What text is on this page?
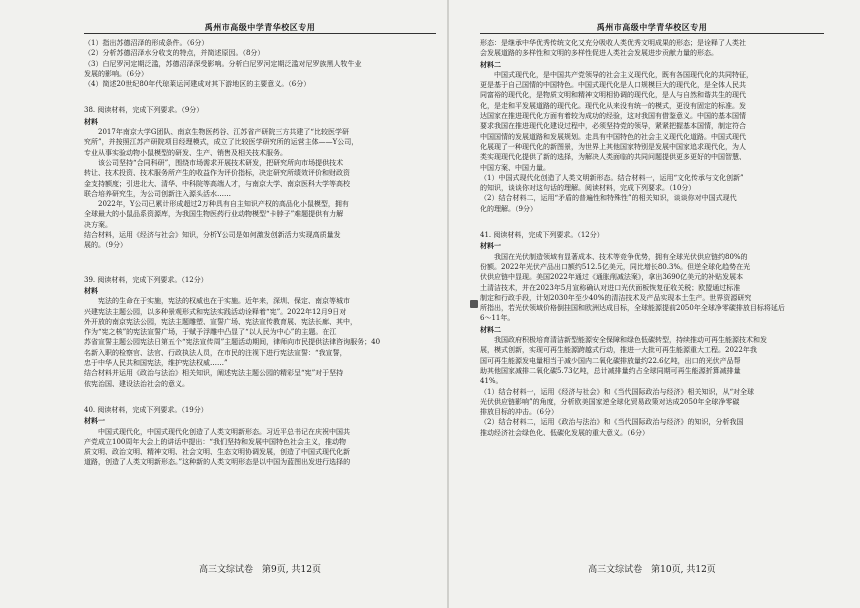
禹州市高级中学青华校区专用

（1）指出苏德沼泽的形成条件。（6分）

（2）分析苏德沼泽水分收支的特点，并简述原因。（8分）

（3）白尼罗河定期泛滥，苏德沼泽深受影响。分析白尼罗河定期泛滥对尼罗族黑人牧牛业

发展的影响。（6分）

（4）简述20世纪80年代琼莱运河建成对其下游地区的主要意义。（6分）

38. 阅读材料，完成下列要求。（9分）

材料

2017年南京大学G团队、南京生物医药谷、江苏省产研院三方共建了“比较医学研

究所”，并按照江苏产研院项目经理模式，成立了比较医学研究所的运营主体——Y公司，

专业从事实验动物小鼠模型的研发、生产、销售及相关技术服务。

该公司坚持“合同科研”，围绕市场需求开展技术研发，把研究所向市场提供技术

转让、技术投资、技术服务所产生的收益作为评价指标，决定研究所绩效评价和财政资

金支持额度；引进北大、清华、中科院等高端人才，与南京大学、南京医科大学等高校

联合培养研究生，为公司创新注入源头活水……

2022年，Y公司已累计形成超过2万种具有自主知识产权的高品化小鼠模型，拥有

全球最大的小鼠品系资源库，为我国生物医药行业动物模型“卡脖子”难题提供有力解

决方案。

结合材料，运用《经济与社会》知识，分析Y公司是如何激发创新活力实现高质量发

展的。（9分）

39. 阅读材料，完成下列要求。（12分）

材料

宪法的生命在于实施，宪法的权威也在于实施。近年来，深圳、保定、南京等城市

兴建宪法主题公园，以多种景观形式和宪法实践活动诠释着“宪”。2022年12月9日对

外开放的南京宪法公园，宪法主题雕塑、宣誓广场、宪法宣传教育展、宪法长廊、其中，

作为“宪之核”的宪法宣誓广场，于赋予浮雕中凸显了“以人民为中心”的主题。在江

苏省宣誓主题公园宪法日第五个“宪法宣传周”主题活动期间，律师向市民提供法律咨询服务；40

名新入职的检察官、法官、行政执法人员，在市民的注视下进行宪法宣誓：“我宣誓，

忠于中华人民共和国宪法，维护宪法权威……”

结合材料并运用《政治与法治》相关知识，阐述宪法主题公园的精彩呈“宪”对于坚持

依宪治国、建设法治社会的意义。

40. 阅读材料，完成下列要求。（19分）

材料一

中国式现代化，中国式现代化创造了人类文明新形态。习近平总书记在庆祝中国共

产党成立100周年大会上的讲话中提出：“我们坚持和发展中国特色社会主义，推动物

质文明、政治文明、精神文明、社会文明、生态文明协调发展，创造了中国式现代化新

道路，创造了人类文明新形态。”这种新的人类文明形态是以中国为蓝图出发进行选择的

高三文综试卷　第9页, 共12页
禹州市高级中学青华校区专用

形态：是继承中华优秀传统文化又充分吸收人类优秀文明成果的形态；是诠释了人类社

会发展道路的多样性和文明的多样性促进人类社会发展进步贡献力量的形态。

材料二

中国式现代化，是中国共产党领导的社会主义现代化，既有各国现代化的共同特征，

更是基于自己国情的中国特色。中国式现代化是人口规模巨大的现代化，是全体人民共

同富裕的现代化，是物质文明和精神文明相协调的现代化，是人与自然和谐共生的现代

化，是走和平发展道路的现代化。现代化从来没有统一的模式，更没有固定的标准。发

达国家在推进现代化方面有着较为成功的经验，这对我国有借鉴意义。中国的基本国情

要求我国在推进现代化建设过程中，必须坚持党的领导，紧紧把握基本国情，制定符合

中国国情的发展道路和发展规划。走具有中国特色的社会主义现代化道路。中国式现代

化展现了一种现代化的新图景，为世界上其他国家特别是发展中国家追求现代化，为人

类实现现代化提供了新的选择，为解决人类面临的共同问题提供更多更好的中国智慧、

中国方案、中国力量。

（1）中国式现代化创造了人类文明新形态。结合材料一，运用“文化传承与文化创新”

的知识，谈谈你对这句话的理解。阅读材料，完成下列要求。（10分）

（2）结合材料二，运用“矛盾的普遍性和特殊性”的相关知识，谈谈你对中国式现代

化的理解。（9分）

41. 阅读材料，完成下列要求。（12分）

材料一

我国在光伏制造领域有显著成本、技术等竞争优势，拥有全球光伏供应链约80%的

份额。2022年光伏产品出口额约512.5亿美元，同比增长80.3%。但逆全球化趋势在光

伏供应链中显现。美国2022年通过《通胀削减法案》，拿出3690亿美元的补贴发展本

土清洁技术，并在2023年5月宣称确认对进口光伏面板恢复征收关税；欧盟通过标准

制定和行政手段，计划2030年至少40%的清洁技术及产品实现本土生产。世界资源研究

所指出，若光伏领域价格倒挂国和欧洲达成目标，全球能源提前2050年全球净零碳排放目标将延后

6～11年。

材料二

我国政府积极培育清洁新型能源安全保障和绿色低碳转型，持续推动可再生能源技术和发

展，模式创新，实现可再生能源跨越式行动，推进一大批可再生能源重大工程。2022年我

国可再生能源发电量相当于减少国内二氧化碳排放量约22.6亿吨，出口的光伏产品帮

助其他国家减排二氧化碳5.73亿吨，总计减排量约占全球同期可再生能源折算减排量

41%。

（1）结合材料一，运用《经济与社会》和《当代国际政治与经济》相关知识，从“对全球

光伏供应链影响”的角度，分析欧美国家逆全球化贸易政策对达成2050年全球净零碳

排放目标的冲击。（6分）

（2）结合材料二，运用《政治与法治》和《当代国际政治与经济》的知识，分析我国

推动经济社会绿色化、低碳化发展的重大意义。（6分）

高三文综试卷　第10页, 共12页
